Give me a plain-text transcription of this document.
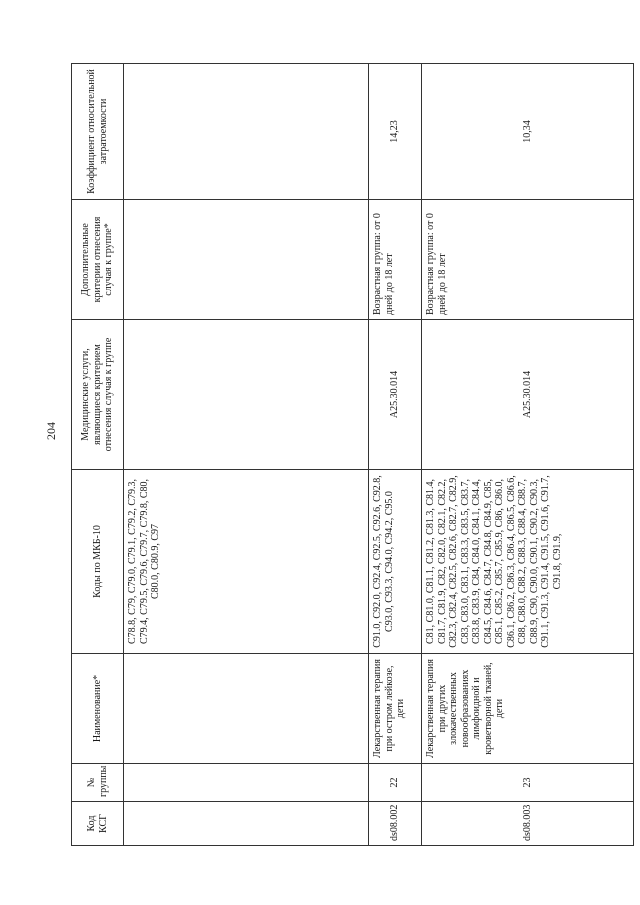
204
Код КСГ	№ группы	Наименование*	Коды по МКБ-10	Медицинские услуги, являющиеся критерием отнесения случая к группе	Дополнительные критерии отнесения случая к группе*	Коэффициент относительной затратоемкости
			C78.8, C79, C79.0, C79.1, C79.2, C79.3, C79.4, C79.5, C79.6, C79.7, C79.8, C80, C80.0, C80.9, C97			
ds08.002	22	Лекарственная терапия при остром лейкозе, дети	C91.0, C92.0, C92.4, C92.5, C92.6, C92.8, C93.0, C93.3, C94.0, C94.2, C95.0	A25.30.014	Возрастная группа: от 0 дней до 18 лет	14,23
ds08.003	23	Лекарственная терапия при других злокачественных новообразованиях лимфоидной и кроветворной тканей, дети	C81, C81.0, C81.1, C81.2, C81.3, C81.4, C81.7, C81.9, C82, C82.0, C82.1, C82.2, C82.3, C82.4, C82.5, C82.6, C82.7, C82.9, C83, C83.0, C83.1, C83.3, C83.5, C83.7, C83.8, C83.9, C84, C84.0, C84.1, C84.4, C84.5, C84.6, C84.7, C84.8, C84.9, C85, C85.1, C85.2, C85.7, C85.9, C86, C86.0, C86.1, C86.2, C86.3, C86.4, C86.5, C86.6, C88, C88.0, C88.2, C88.3, C88.4, C88.7, C88.9, C90, C90.0, C90.1, C90.2, C90.3, C91.1, C91.3, C91.4, C91.5, C91.6, C91.7, C91.8, C91.9,	A25.30.014	Возрастная группа: от 0 дней до 18 лет	10,34
